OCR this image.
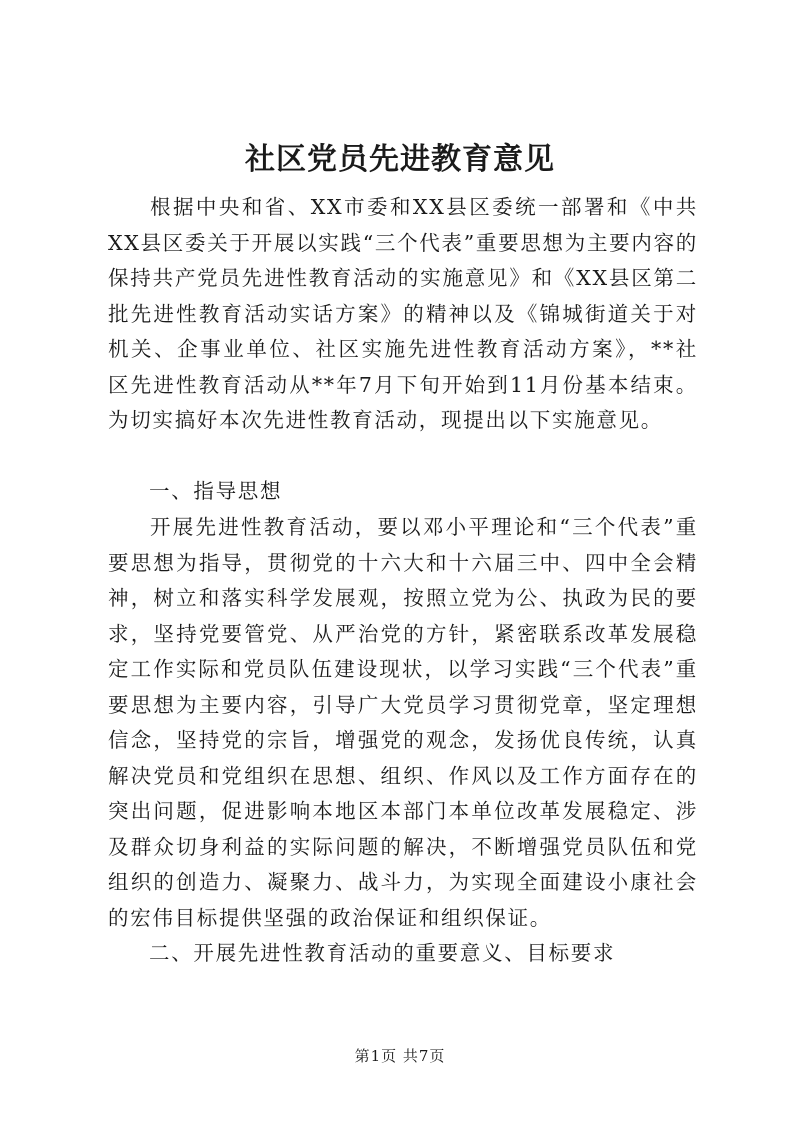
社区党员先进教育意见

根据中央和省、XX市委和XX县区委统一部署和《中共XX县区委关于开展以实践“三个代表”重要思想为主要内容的保持共产党员先进性教育活动的实施意见》和《XX县区第二批先进性教育活动实话方案》的精神以及《锦城街道关于对机关、企事业单位、社区实施先进性教育活动方案》，**社区先进性教育活动从**年7月下旬开始到11月份基本结束。为切实搞好本次先进性教育活动，现提出以下实施意见。

一、指导思想

开展先进性教育活动，要以邓小平理论和“三个代表”重要思想为指导，贯彻党的十六大和十六届三中、四中全会精神，树立和落实科学发展观，按照立党为公、执政为民的要求，坚持党要管党、从严治党的方针，紧密联系改革发展稳定工作实际和党员队伍建设现状，以学习实践“三个代表”重要思想为主要内容，引导广大党员学习贯彻党章，坚定理想信念，坚持党的宗旨，增强党的观念，发扬优良传统，认真解决党员和党组织在思想、组织、作风以及工作方面存在的突出问题，促进影响本地区本部门本单位改革发展稳定、涉及群众切身利益的实际问题的解决，不断增强党员队伍和党组织的创造力、凝聚力、战斗力，为实现全面建设小康社会的宏伟目标提供坚强的政治保证和组织保证。

二、开展先进性教育活动的重要意义、目标要求

第1页 共7页
